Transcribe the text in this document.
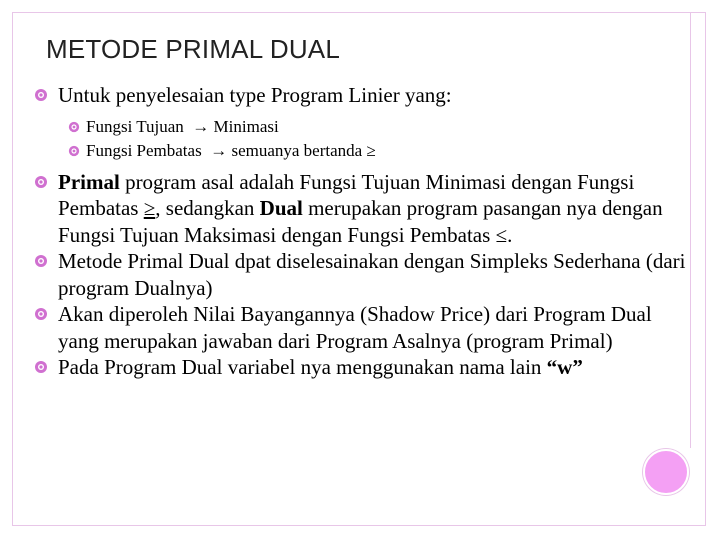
METODE PRIMAL DUAL
Untuk penyelesaian type Program Linier yang:
Fungsi Tujuan → Minimasi
Fungsi Pembatas → semuanya bertanda ≥
Primal program asal adalah Fungsi Tujuan Minimasi dengan Fungsi Pembatas ≥, sedangkan Dual merupakan program pasangan nya dengan Fungsi Tujuan Maksimasi dengan Fungsi Pembatas ≤.
Metode Primal Dual dpat diselesainakan dengan Simpleks Sederhana (dari program Dualnya)
Akan diperoleh Nilai Bayangannya (Shadow Price) dari Program Dual yang merupakan jawaban dari Program Asalnya (program Primal)
Pada Program Dual variabel nya menggunakan nama lain “w”
